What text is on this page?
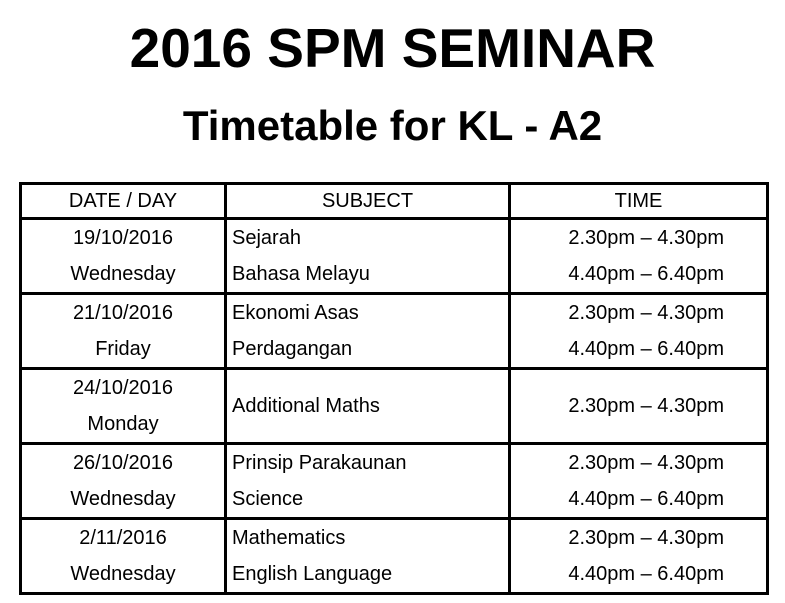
2016 SPM SEMINAR
Timetable for KL - A2
DATE / DAY	SUBJECT	TIME
19/10/2016	Sejarah	2.30pm – 4.30pm
Wednesday	Bahasa Melayu	4.40pm – 6.40pm
21/10/2016	Ekonomi Asas	2.30pm – 4.30pm
Friday	Perdagangan	4.40pm – 6.40pm
24/10/2016	Additional Maths	2.30pm – 4.30pm
Monday		
26/10/2016	Prinsip Parakaunan	2.30pm – 4.30pm
Wednesday	Science	4.40pm – 6.40pm
2/11/2016	Mathematics	2.30pm – 4.30pm
Wednesday	English Language	4.40pm – 6.40pm
